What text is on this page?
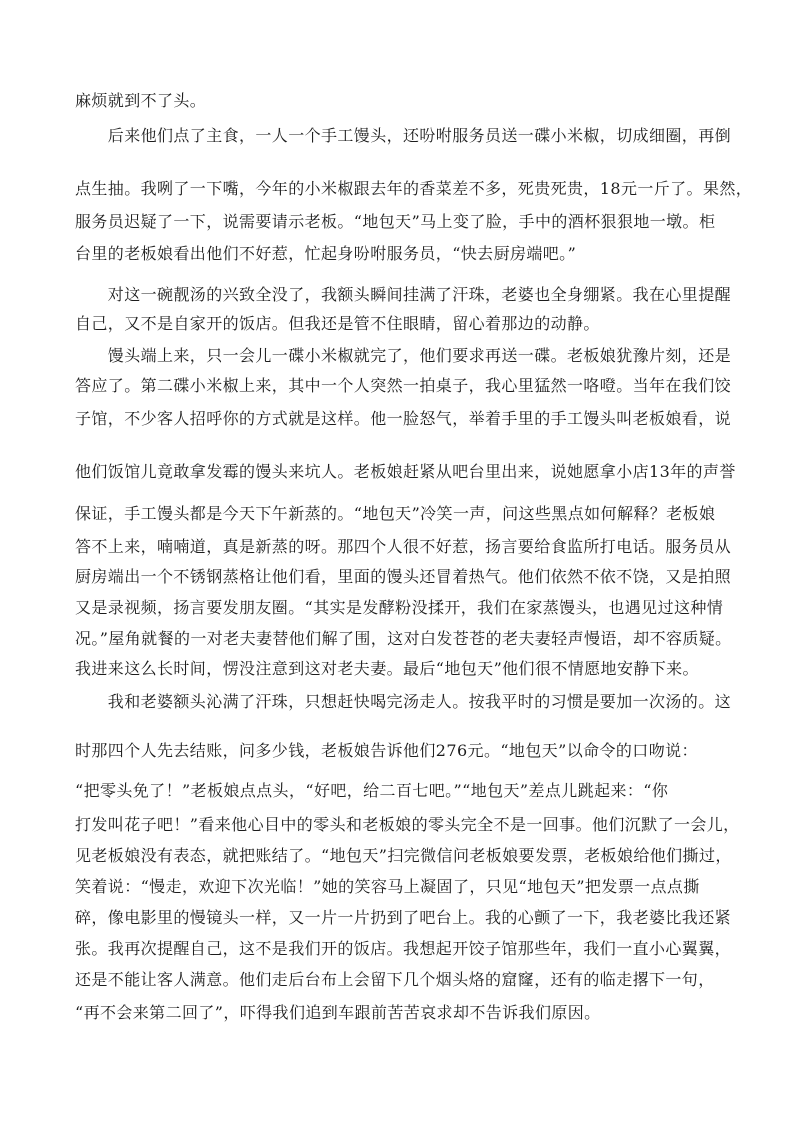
麻烦就到不了头。
　　后来他们点了主食，一人一个手工馒头，还吩咐服务员送一碟小米椒，切成细圈，再倒
点生抽。我咧了一下嘴，今年的小米椒跟去年的香菜差不多，死贵死贵，18元一斤了。果然，
服务员迟疑了一下，说需要请示老板。“地包天”马上变了脸，手中的酒杯狠狠地一墩。柜
台里的老板娘看出他们不好惹，忙起身吩咐服务员，“快去厨房端吧。”
　　对这一碗靓汤的兴致全没了，我额头瞬间挂满了汗珠，老婆也全身绷紧。我在心里提醒
自己，又不是自家开的饭店。但我还是管不住眼睛，留心着那边的动静。
　　馒头端上来，只一会儿一碟小米椒就完了，他们要求再送一碟。老板娘犹豫片刻，还是
答应了。第二碟小米椒上来，其中一个人突然一拍桌子，我心里猛然一咯噔。当年在我们饺
子馆，不少客人招呼你的方式就是这样。他一脸怒气，举着手里的手工馒头叫老板娘看，说
他们饭馆儿竟敢拿发霉的馒头来坑人。老板娘赶紧从吧台里出来，说她愿拿小店13年的声誉
保证，手工馒头都是今天下午新蒸的。“地包天”冷笑一声，问这些黑点如何解释？老板娘
答不上来，喃喃道，真是新蒸的呀。那四个人很不好惹，扬言要给食监所打电话。服务员从
厨房端出一个不锈钢蒸格让他们看，里面的馒头还冒着热气。他们依然不依不饶，又是拍照
又是录视频，扬言要发朋友圈。“其实是发酵粉没揉开，我们在家蒸馒头，也遇见过这种情
况。”屋角就餐的一对老夫妻替他们解了围，这对白发苍苍的老夫妻轻声慢语，却不容质疑。
我进来这么长时间，愣没注意到这对老夫妻。最后“地包天”他们很不情愿地安静下来。
　　我和老婆额头沁满了汗珠，只想赶快喝完汤走人。按我平时的习惯是要加一次汤的。这
时那四个人先去结账，问多少钱，老板娘告诉他们276元。“地包天”以命令的口吻说：
“把零头免了！”老板娘点点头，“好吧，给二百七吧。”“地包天”差点儿跳起来：“你
打发叫花子吧！”看来他心目中的零头和老板娘的零头完全不是一回事。他们沉默了一会儿，
见老板娘没有表态，就把账结了。“地包天”扫完微信问老板娘要发票，老板娘给他们撕过，
笑着说：“慢走，欢迎下次光临！”她的笑容马上凝固了，只见“地包天”把发票一点点撕
碎，像电影里的慢镜头一样，又一片一片扔到了吧台上。我的心颤了一下，我老婆比我还紧
张。我再次提醒自己，这不是我们开的饭店。我想起开饺子馆那些年，我们一直小心翼翼，
还是不能让客人满意。他们走后台布上会留下几个烟头烙的窟窿，还有的临走撂下一句，
“再不会来第二回了”，吓得我们追到车跟前苦苦哀求却不告诉我们原因。
